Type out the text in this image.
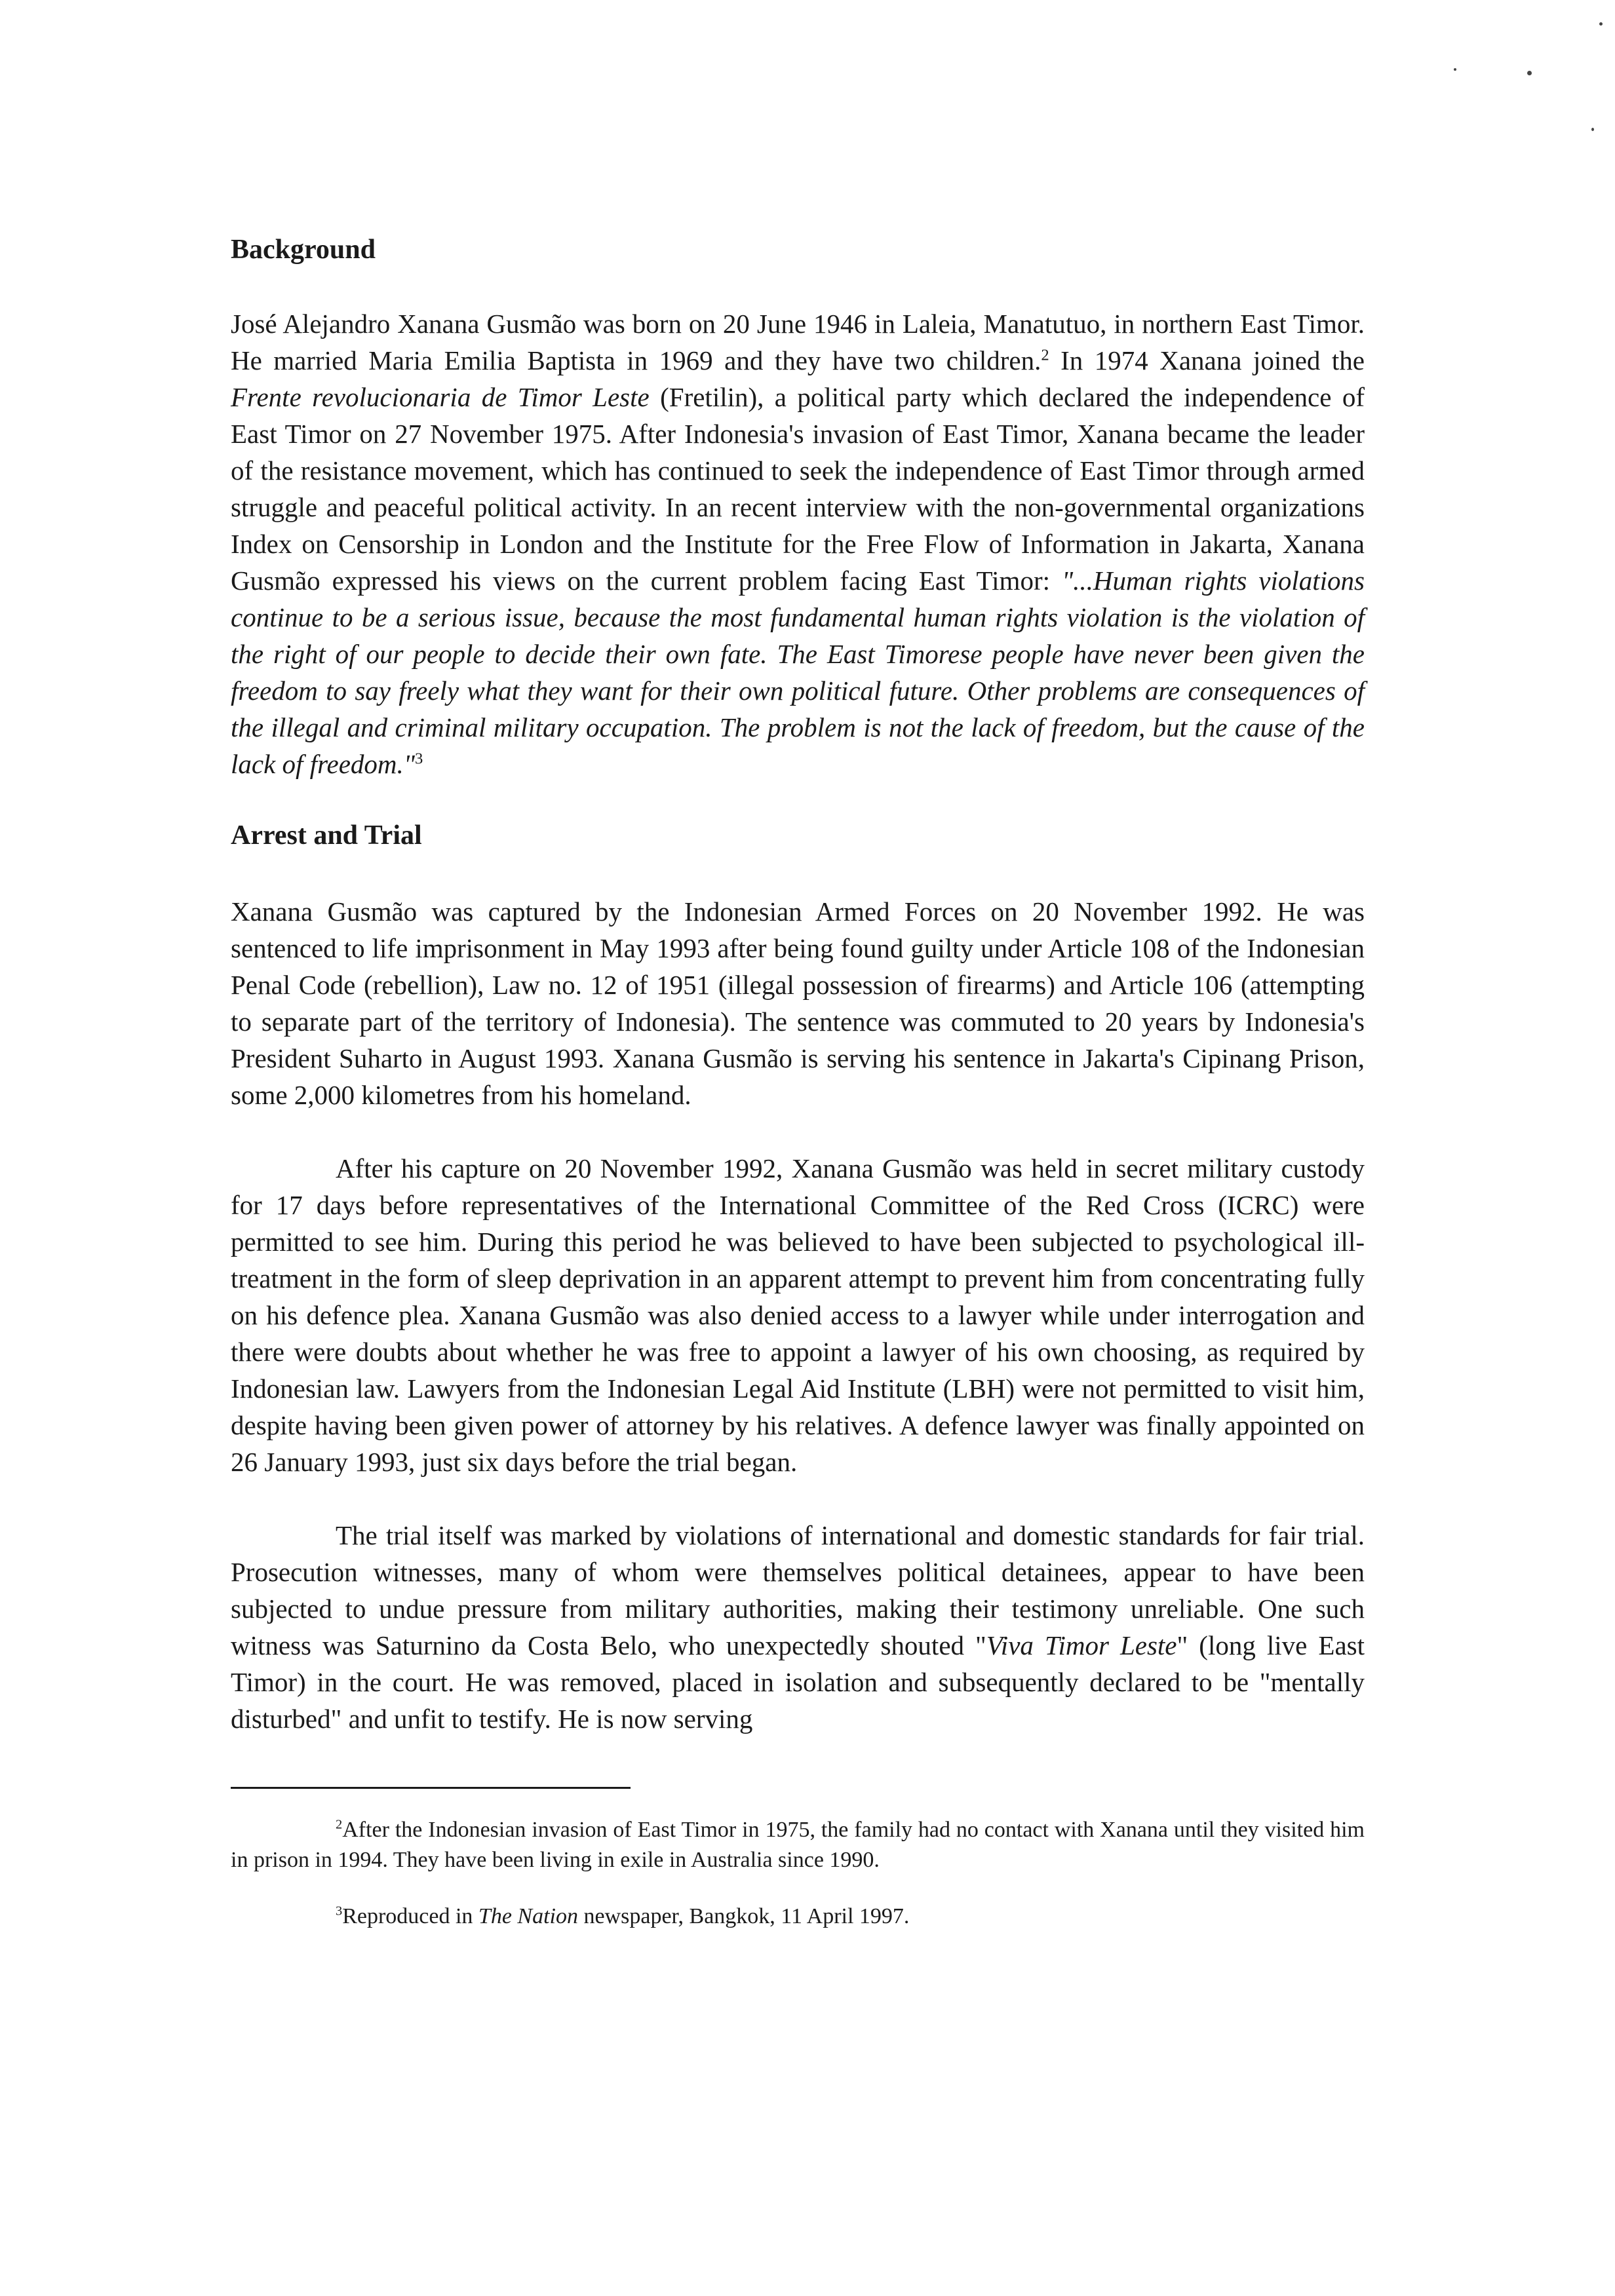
Background

José Alejandro Xanana Gusmão was born on 20 June 1946 in Laleia, Manatutuo, in northern East Timor. He married Maria Emilia Baptista in 1969 and they have two children.$^2$ In 1974 Xanana joined the Frente revolucionaria de Timor Leste (Fretilin), a political party which declared the independence of East Timor on 27 November 1975. After Indonesia's invasion of East Timor, Xanana became the leader of the resistance movement, which has continued to seek the independence of East Timor through armed struggle and peaceful political activity. In an recent interview with the non-governmental organizations Index on Censorship in London and the Institute for the Free Flow of Information in Jakarta, Xanana Gusmão expressed his views on the current problem facing East Timor: "...Human rights violations continue to be a serious issue, because the most fundamental human rights violation is the violation of the right of our people to decide their own fate. The East Timorese people have never been given the freedom to say freely what they want for their own political future. Other problems are consequences of the illegal and criminal military occupation. The problem is not the lack of freedom, but the cause of the lack of freedom."$^3$

Arrest and Trial

Xanana Gusmão was captured by the Indonesian Armed Forces on 20 November 1992. He was sentenced to life imprisonment in May 1993 after being found guilty under Article 108 of the Indonesian Penal Code (rebellion), Law no. 12 of 1951 (illegal possession of firearms) and Article 106 (attempting to separate part of the territory of Indonesia). The sentence was commuted to 20 years by Indonesia's President Suharto in August 1993. Xanana Gusmão is serving his sentence in Jakarta's Cipinang Prison, some 2,000 kilometres from his homeland.

After his capture on 20 November 1992, Xanana Gusmão was held in secret military custody for 17 days before representatives of the International Committee of the Red Cross (ICRC) were permitted to see him. During this period he was believed to have been subjected to psychological ill-treatment in the form of sleep deprivation in an apparent attempt to prevent him from concentrating fully on his defence plea. Xanana Gusmão was also denied access to a lawyer while under interrogation and there were doubts about whether he was free to appoint a lawyer of his own choosing, as required by Indonesian law. Lawyers from the Indonesian Legal Aid Institute (LBH) were not permitted to visit him, despite having been given power of attorney by his relatives. A defence lawyer was finally appointed on 26 January 1993, just six days before the trial began.

The trial itself was marked by violations of international and domestic standards for fair trial. Prosecution witnesses, many of whom were themselves political detainees, appear to have been subjected to undue pressure from military authorities, making their testimony unreliable. One such witness was Saturnino da Costa Belo, who unexpectedly shouted "Viva Timor Leste" (long live East Timor) in the court. He was removed, placed in isolation and subsequently declared to be "mentally disturbed" and unfit to testify. He is now serving

$^2$After the Indonesian invasion of East Timor in 1975, the family had no contact with Xanana until they visited him in prison in 1994. They have been living in exile in Australia since 1990.

$^3$Reproduced in The Nation newspaper, Bangkok, 11 April 1997.
